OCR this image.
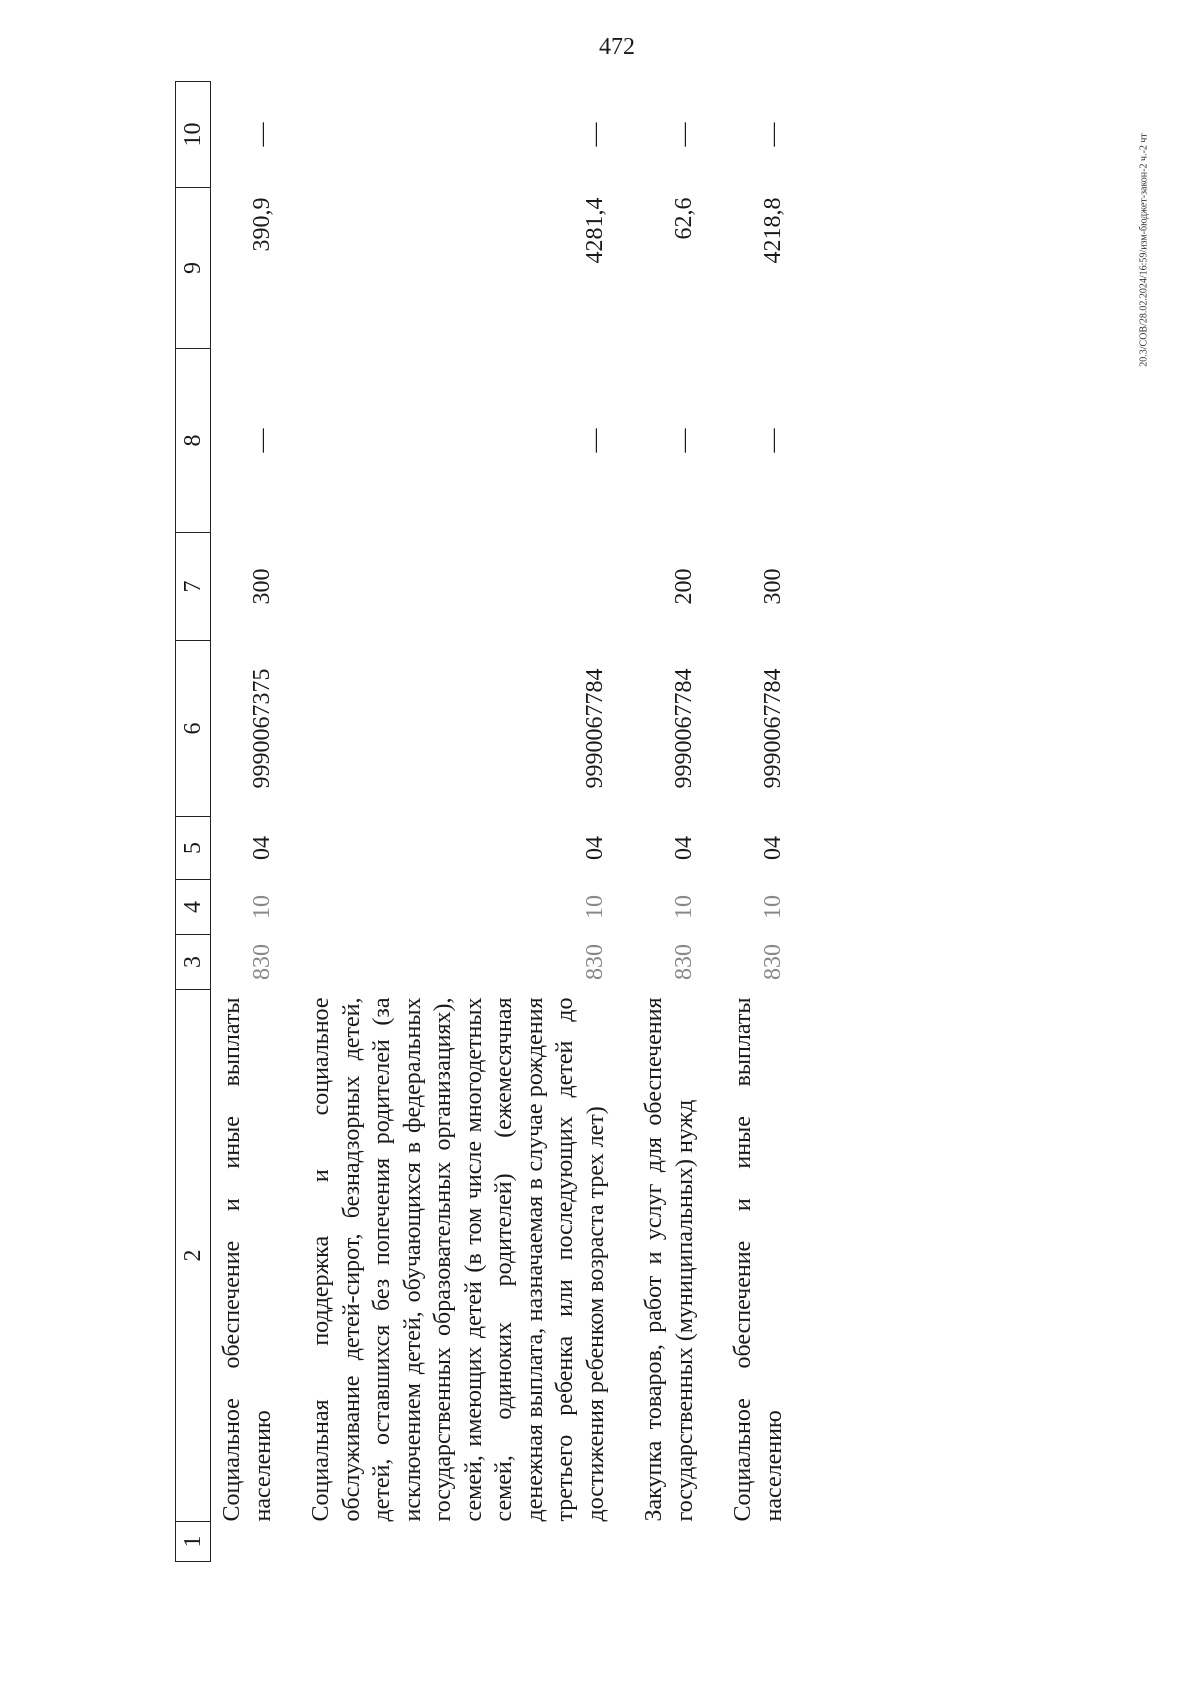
472
20.3/СОВ/28.02.2024/16:59/изм-бюджет-закон-2 ч.-2 чт
1	2	3	4	5	6	7	8	9	10

	Социальное обеспечение и иные выплаты населению	830	10	04	9990067375	300	—	390,9	—

	Социальная поддержка и социальное обслуживание детей-сирот, безнадзорных детей, детей, оставшихся без попечения родителей (за исключением детей, обучающихся в федеральных государственных образовательных организациях), семей, имеющих детей (в том числе многодетных семей, одиноких родителей) (ежемесячная денежная выплата, назначаемая в случае рождения третьего ребенка или последующих детей до достижения ребенком возраста трех лет)	830	10	04	9990067784		—	4281,4	—

	Закупка товаров, работ и услуг для обеспечения государственных (муниципальных) нужд	830	10	04	9990067784	200	—	62,6	—

	Социальное обеспечение и иные выплаты населению	830	10	04	9990067784	300	—	4218,8	—
